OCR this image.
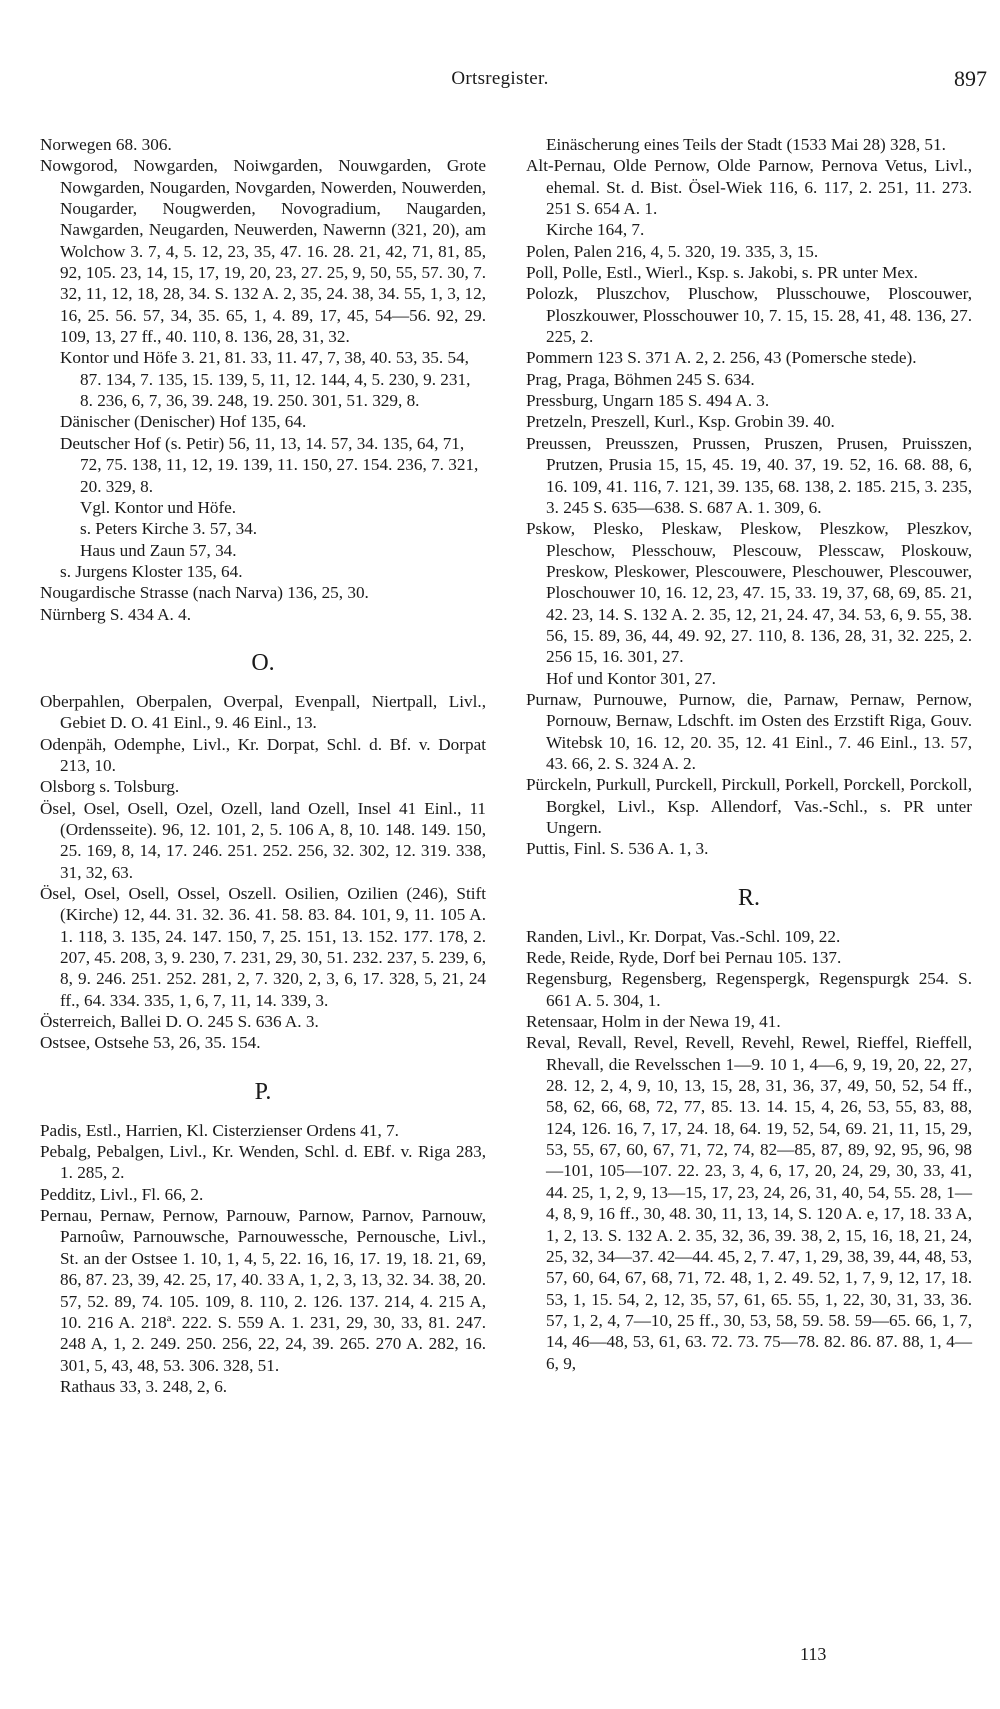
Ortsregister.	897
Norwegen 68. 306.
Nowgorod, Nowgarden, Noiwgarden, Nouwgarden, Grote Nowgarden, Nougarden, Novgarden, Nowerden, Nouwerden, Nougarder, Nougwerden, Novogradium, Naugarden, Nawgarden, Neugarden, Neuwerden, Nawernn (321, 20), am Wolchow 3. 7, 4, 5. 12, 23, 35, 47. 16. 28. 21, 42, 71, 81, 85, 92, 105. 23, 14, 15, 17, 19, 20, 23, 27. 25, 9, 50, 55, 57. 30, 7. 32, 11, 12, 18, 28, 34. S. 132 A. 2, 35, 24. 38, 34. 55, 1, 3, 12, 16, 25. 56. 57, 34, 35. 65, 1, 4. 89, 17, 45, 54—56. 92, 29. 109, 13, 27 ff., 40. 110, 8. 136, 28, 31, 32.
Kontor und Höfe 3. 21, 81. 33, 11. 47, 7, 38, 40. 53, 35. 54, 87. 134, 7. 135, 15. 139, 5, 11, 12. 144, 4, 5. 230, 9. 231, 8. 236, 6, 7, 36, 39. 248, 19. 250. 301, 51. 329, 8.
Dänischer (Denischer) Hof 135, 64.
Deutscher Hof (s. Petir) 56, 11, 13, 14. 57, 34. 135, 64, 71, 72, 75. 138, 11, 12, 19. 139, 11. 150, 27. 154. 236, 7. 321, 20. 329, 8.
Vgl. Kontor und Höfe.
s. Peters Kirche 3. 57, 34.
Haus und Zaun 57, 34.
s. Jurgens Kloster 135, 64.
Nougardische Strasse (nach Narva) 136, 25, 30.
Nürnberg S. 434 A. 4.
O.
Oberpahlen, Oberpalen, Overpal, Evenpall, Niertpall, Livl., Gebiet D. O. 41 Einl., 9. 46 Einl., 13.
Odenpäh, Odemphe, Livl., Kr. Dorpat, Schl. d. Bf. v. Dorpat 213, 10.
Olsborg s. Tolsburg.
Ösel, Osel, Osell, Ozel, Ozell, land Ozell, Insel 41 Einl., 11 (Ordensseite). 96, 12. 101, 2, 5. 106 A, 8, 10. 148. 149. 150, 25. 169, 8, 14, 17. 246. 251. 252. 256, 32. 302, 12. 319. 338, 31, 32, 63.
Ösel, Osel, Osell, Ossel, Oszell. Osilien, Ozilien (246), Stift (Kirche) 12, 44. 31. 32. 36. 41. 58. 83. 84. 101, 9, 11. 105 A. 1. 118, 3. 135, 24. 147. 150, 7, 25. 151, 13. 152. 177. 178, 2. 207, 45. 208, 3, 9. 230, 7. 231, 29, 30, 51. 232. 237, 5. 239, 6, 8, 9. 246. 251. 252. 281, 2, 7. 320, 2, 3, 6, 17. 328, 5, 21, 24 ff., 64. 334. 335, 1, 6, 7, 11, 14. 339, 3.
Österreich, Ballei D. O. 245 S. 636 A. 3.
Ostsee, Ostsehe 53, 26, 35. 154.
P.
Padis, Estl., Harrien, Kl. Cisterzienser Ordens 41, 7.
Pebalg, Pebalgen, Livl., Kr. Wenden, Schl. d. EBf. v. Riga 283, 1. 285, 2.
Pedditz, Livl., Fl. 66, 2.
Pernau, Pernaw, Pernow, Parnouw, Parnow, Parnov, Parnouw, Parnoûw, Parnouwsche, Parnouwessche, Pernousche, Livl., St. an der Ostsee 1. 10, 1, 4, 5, 22. 16, 16, 17. 19, 18. 21, 69, 86, 87. 23, 39, 42. 25, 17, 40. 33 A, 1, 2, 3, 13, 32. 34. 38, 20. 57, 52. 89, 74. 105. 109, 8. 110, 2. 126. 137. 214, 4. 215 A, 10. 216 A. 218ª. 222. S. 559 A. 1. 231, 29, 30, 33, 81. 247. 248 A, 1, 2. 249. 250. 256, 22, 24, 39. 265. 270 A. 282, 16. 301, 5, 43, 48, 53. 306. 328, 51.
Rathaus 33, 3. 248, 2, 6.
Einäscherung eines Teils der Stadt (1533 Mai 28) 328, 51.
Alt-Pernau, Olde Pernow, Olde Parnow, Pernova Vetus, Livl., ehemal. St. d. Bist. Ösel-Wiek 116, 6. 117, 2. 251, 11. 273. 251 S. 654 A. 1.
Kirche 164, 7.
Polen, Palen 216, 4, 5. 320, 19. 335, 3, 15.
Poll, Polle, Estl., Wierl., Ksp. s. Jakobi, s. PR unter Mex.
Polozk, Pluszchov, Pluschow, Plusschouwe, Ploscouwer, Ploszkouwer, Plosschouwer 10, 7. 15, 15. 28, 41, 48. 136, 27. 225, 2.
Pommern 123 S. 371 A. 2, 2. 256, 43 (Pomersche stede).
Prag, Praga, Böhmen 245 S. 634.
Pressburg, Ungarn 185 S. 494 A. 3.
Pretzeln, Preszell, Kurl., Ksp. Grobin 39. 40.
Preussen, Preusszen, Prussen, Pruszen, Prusen, Pruisszen, Prutzen, Prusia 15, 15, 45. 19, 40. 37, 19. 52, 16. 68. 88, 6, 16. 109, 41. 116, 7. 121, 39. 135, 68. 138, 2. 185. 215, 3. 235, 3. 245 S. 635—638. S. 687 A. 1. 309, 6.
Pskow, Plesko, Pleskaw, Pleskow, Pleszkow, Pleszkov, Pleschow, Plesschouw, Plescouw, Plesscaw, Ploskouw, Preskow, Pleskower, Plescouwere, Pleschouwer, Plescouwer, Ploschouwer 10, 16. 12, 23, 47. 15, 33. 19, 37, 68, 69, 85. 21, 42. 23, 14. S. 132 A. 2. 35, 12, 21, 24. 47, 34. 53, 6, 9. 55, 38. 56, 15. 89, 36, 44, 49. 92, 27. 110, 8. 136, 28, 31, 32. 225, 2. 256 15, 16. 301, 27.
Hof und Kontor 301, 27.
Purnaw, Purnouwe, Purnow, die, Parnaw, Pernaw, Pernow, Pornouw, Bernaw, Ldschft. im Osten des Erzstift Riga, Gouv. Witebsk 10, 16. 12, 20. 35, 12. 41 Einl., 7. 46 Einl., 13. 57, 43. 66, 2. S. 324 A. 2.
Pürckeln, Purkull, Purckell, Pirckull, Porkell, Porckell, Porckoll, Borgkel, Livl., Ksp. Allendorf, Vas.-Schl., s. PR unter Ungern.
Puttis, Finl. S. 536 A. 1, 3.
R.
Randen, Livl., Kr. Dorpat, Vas.-Schl. 109, 22.
Rede, Reide, Ryde, Dorf bei Pernau 105. 137.
Regensburg, Regensberg, Regenspergk, Regenspurgk 254. S. 661 A. 5. 304, 1.
Retensaar, Holm in der Newa 19, 41.
Reval, Revall, Revel, Revell, Revehl, Rewel, Rieffel, Rieffell, Rhevall, die Revelsschen 1—9. 10 1, 4—6, 9, 19, 20, 22, 27, 28. 12, 2, 4, 9, 10, 13, 15, 28, 31, 36, 37, 49, 50, 52, 54 ff., 58, 62, 66, 68, 72, 77, 85. 13. 14. 15, 4, 26, 53, 55, 83, 88, 124, 126. 16, 7, 17, 24. 18, 64. 19, 52, 54, 69. 21, 11, 15, 29, 53, 55, 67, 60, 67, 71, 72, 74, 82—85, 87, 89, 92, 95, 96, 98—101, 105—107. 22. 23, 3, 4, 6, 17, 20, 24, 29, 30, 33, 41, 44. 25, 1, 2, 9, 13—15, 17, 23, 24, 26, 31, 40, 54, 55. 28, 1—4, 8, 9, 16 ff., 30, 48. 30, 11, 13, 14, S. 120 A. e, 17, 18. 33 A, 1, 2, 13. S. 132 A. 2. 35, 32, 36, 39. 38, 2, 15, 16, 18, 21, 24, 25, 32, 34—37. 42—44. 45, 2, 7. 47, 1, 29, 38, 39, 44, 48, 53, 57, 60, 64, 67, 68, 71, 72. 48, 1, 2. 49. 52, 1, 7, 9, 12, 17, 18. 53, 1, 15. 54, 2, 12, 35, 57, 61, 65. 55, 1, 22, 30, 31, 33, 36. 57, 1, 2, 4, 7—10, 25 ff., 30, 53, 58, 59. 58. 59—65. 66, 1, 7, 14, 46—48, 53, 61, 63. 72. 73. 75—78. 82. 86. 87. 88, 1, 4—6, 9,
113
